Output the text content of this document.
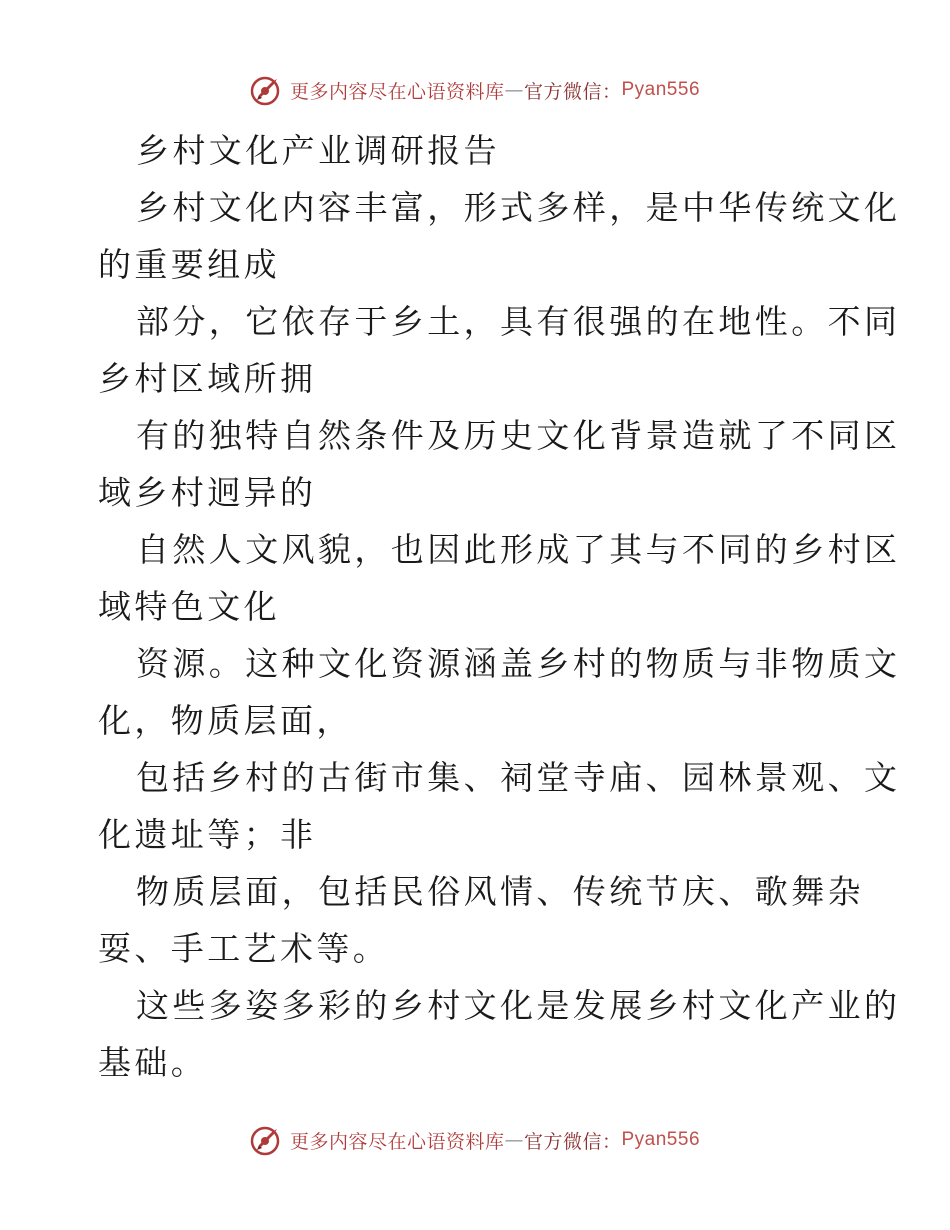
更多内容尽在心语资料库 — 官方微信： Pyan556
乡村文化产业调研报告
乡村文化内容丰富，形式多样，是中华传统文化
的重要组成
部分，它依存于乡土，具有很强的在地性。不同
乡村区域所拥
有的独特自然条件及历史文化背景造就了不同区
域乡村迥异的
自然人文风貌，也因此形成了其与不同的乡村区
域特色文化
资源。这种文化资源涵盖乡村的物质与非物质文
化，物质层面，
包括乡村的古街市集、祠堂寺庙、园林景观、文
化遗址等；非
物质层面，包括民俗风情、传统节庆、歌舞杂
耍、手工艺术等。
这些多姿多彩的乡村文化是发展乡村文化产业的
基础。
更多内容尽在心语资料库 — 官方微信： Pyan556
